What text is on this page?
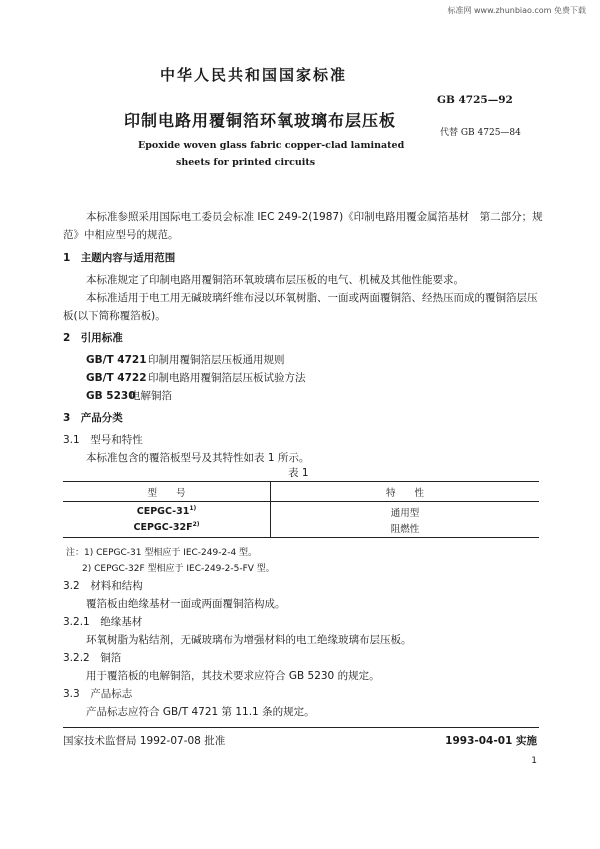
标准网 www.zhunbiao.com 免费下载
中华人民共和国国家标准
GB 4725—92
印制电路用覆铜箔环氧玻璃布层压板
代替 GB 4725—84
Epoxide woven glass fabric copper-clad laminated
sheets for printed circuits
本标准参照采用国际电工委员会标准 IEC 249-2(1987)《印制电路用覆金属箔基材　第二部分；规
范》中相应型号的规范。
1　主题内容与适用范围
本标准规定了印制电路用覆铜箔环氧玻璃布层压板的电气、机械及其他性能要求。
本标准适用于电工用无碱玻璃纤维布浸以环氧树脂、一面或两面覆铜箔、经热压而成的覆铜箔层压
板(以下简称覆箔板)。
2　引用标准
GB/T 4721 印制用覆铜箔层压板通用规则
GB/T 4722 印制电路用覆铜箔层压板试验方法
GB 5230电解铜箔
3　产品分类
3.1　型号和特性
本标准包含的覆箔板型号及其特性如表 1 所示。
表 1
型　　号	特　　性
CEPGC-31$^{1)}$	通用型
CEPGC-$32F^{2)}$	阻燃性
注：1) CEPGC-31 型相应于 IEC-249-2-4 型。
2) CEPGC-32F 型相应于 IEC-249-2-5-FV 型。
3.2　材料和结构
覆箔板由绝缘基材一面或两面覆铜箔构成。
3.2.1　绝缘基材
环氧树脂为粘结剂，无碱玻璃布为增强材料的电工绝缘玻璃布层压板。
3.2.2　铜箔
用于覆箔板的电解铜箔，其技术要求应符合 GB 5230 的规定。
3.3　产品标志
产品标志应符合 GB/T 4721 第 11.1 条的规定。
国家技术监督局 1992-07-08 批准	1993-04-01 实施
1
